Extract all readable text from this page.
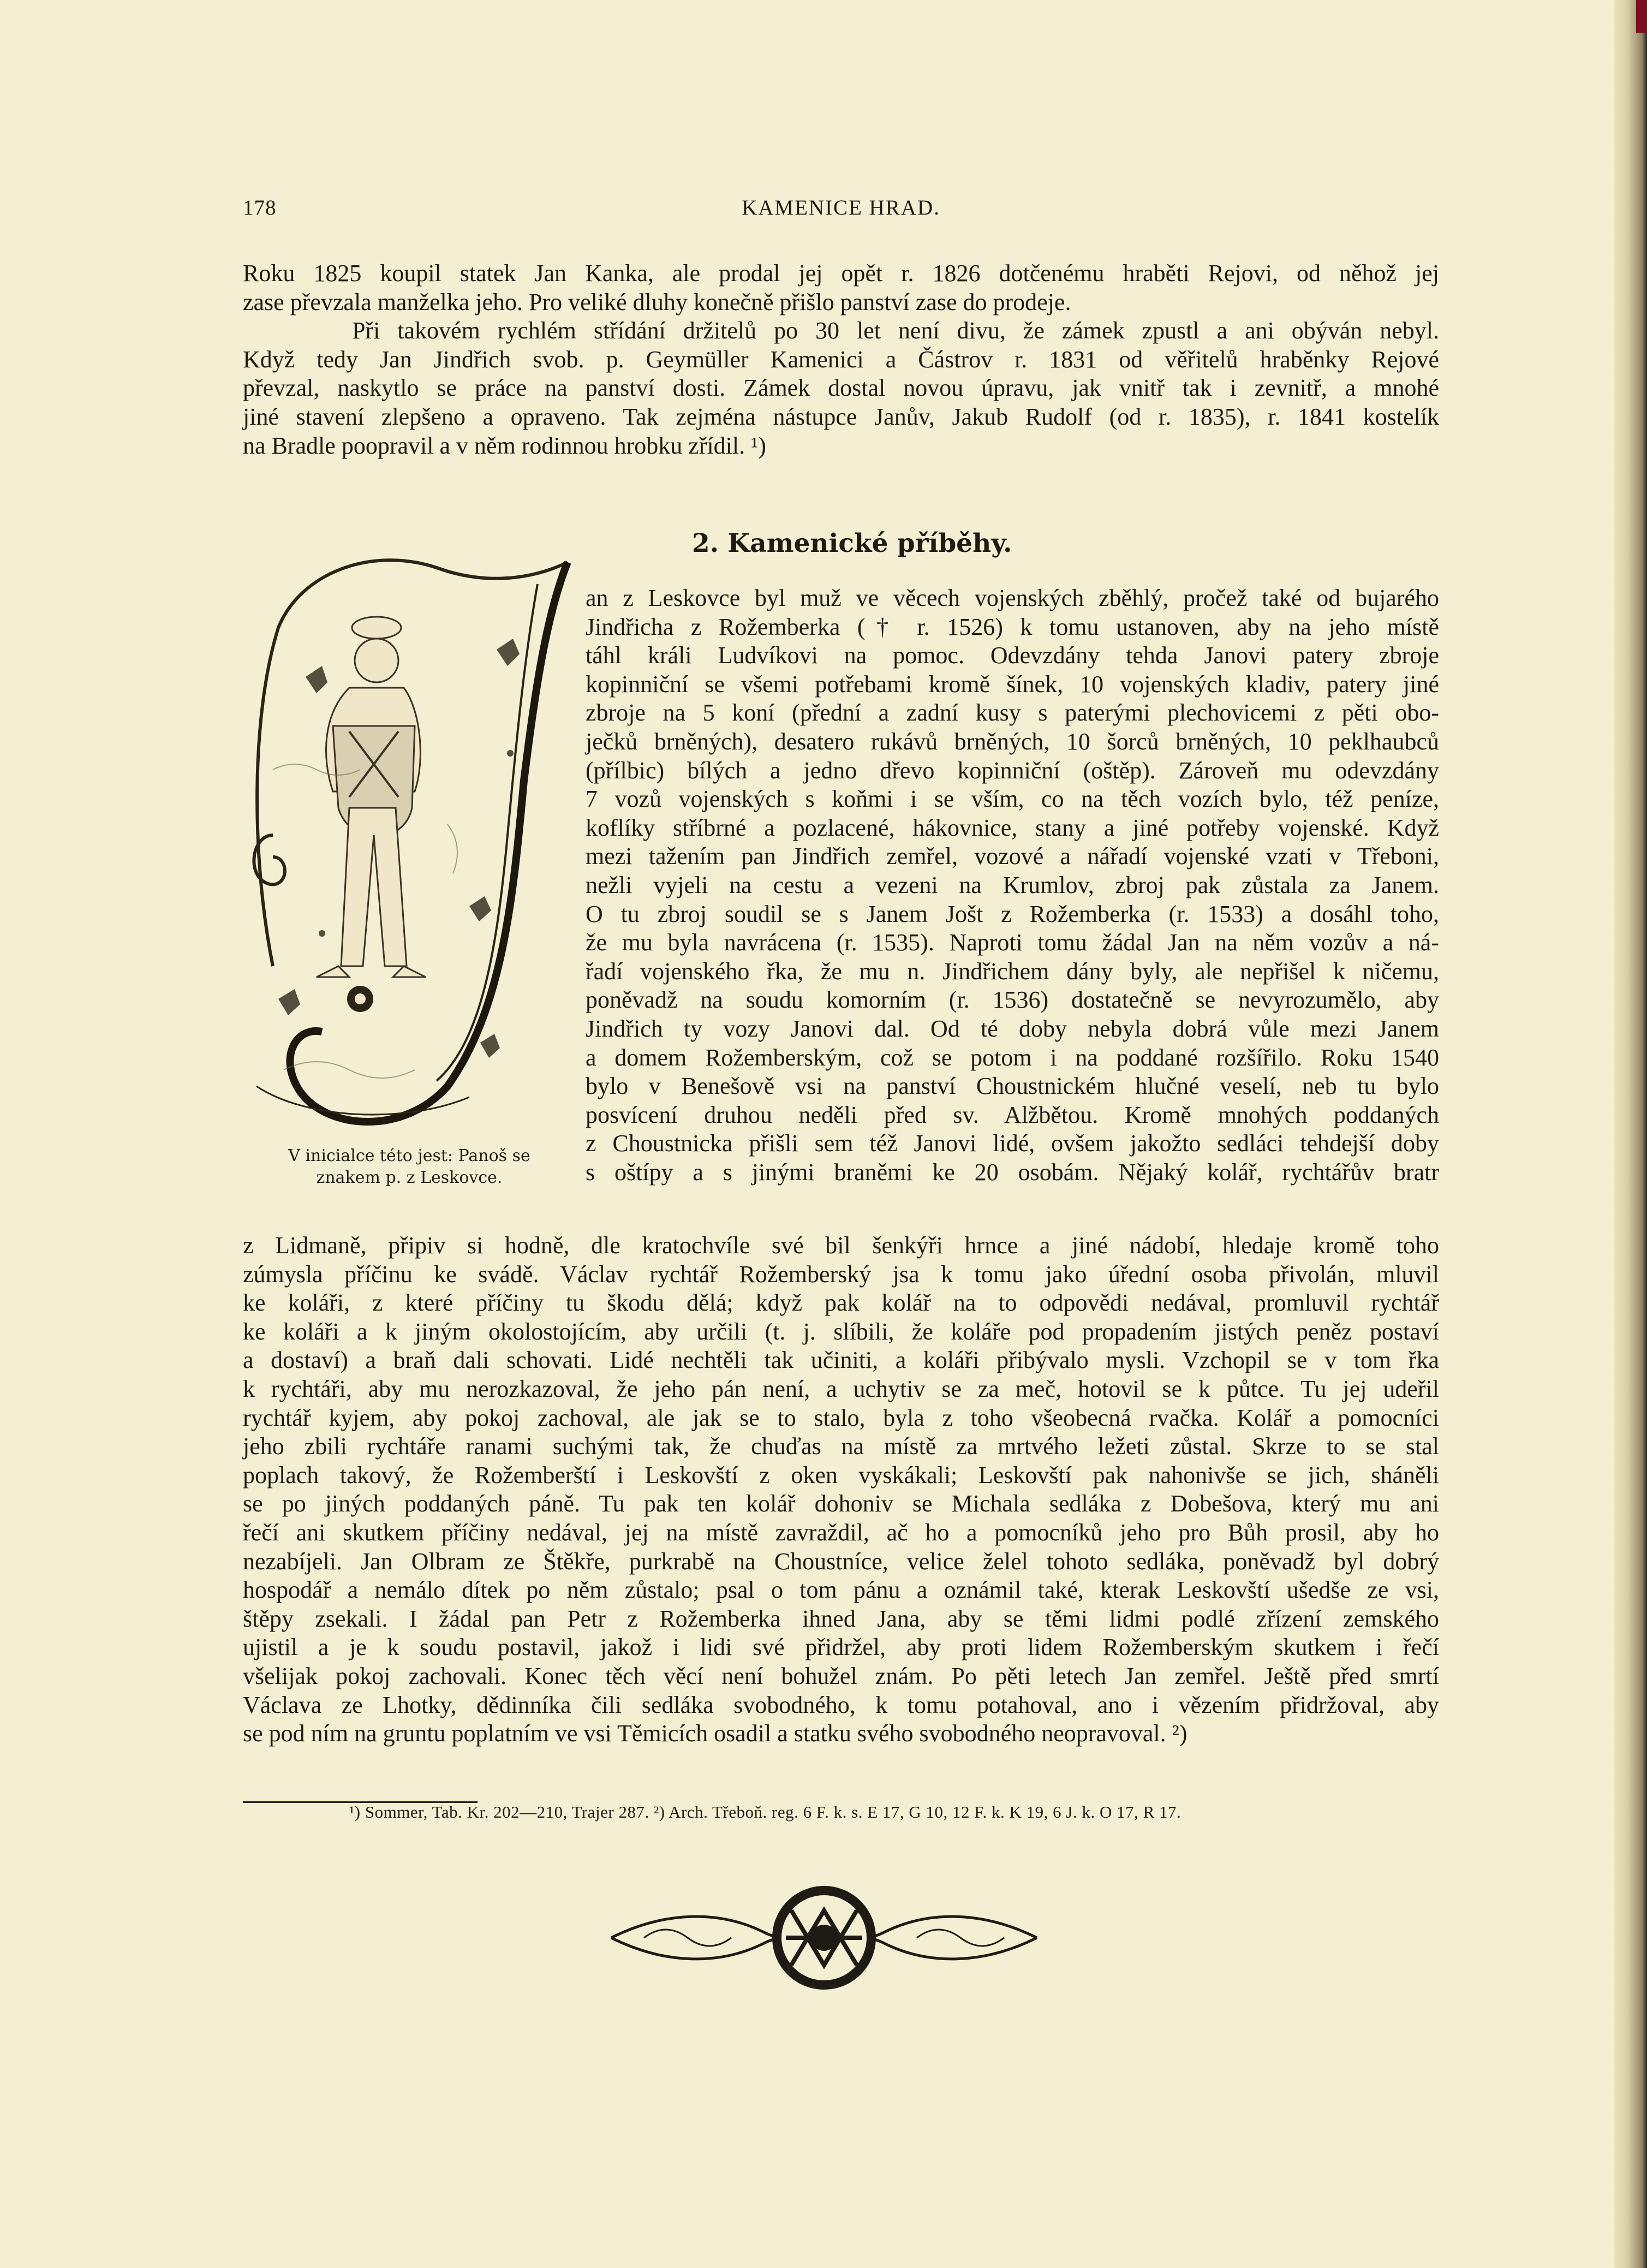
178	KAMENICE HRAD.

Roku 1825 koupil statek Jan Kanka, ale prodal jej opět r. 1826 dotčenému hraběti Rejovi, od něhož jej

zase převzala manželka jeho. Pro veliké dluhy konečně přišlo panství zase do prodeje.

Při takovém rychlém střídání držitelů po 30 let není divu, že zámek zpustl a ani obýván nebyl.

Když tedy Jan Jindřich svob. p. Geymüller Kamenici a Částrov r. 1831 od věřitelů hraběnky Rejové

převzal, naskytlo se práce na panství dosti. Zámek dostal novou úpravu, jak vnitř tak i zevnitř, a mnohé

jiné stavení zlepšeno a opraveno. Tak zejména nástupce Janův, Jakub Rudolf (od r. 1835), r. 1841 kostelík

na Bradle poopravil a v něm rodinnou hrobku zřídil. ¹)

2. Kamenické příběhy.
V inicialce této jest: Panoš se znakem p. z Leskovce.

an z Leskovce byl muž ve věcech vojenských zběhlý, pročež také od bujarého

Jindřicha z Rožemberka († r. 1526) k tomu ustanoven, aby na jeho místě

táhl králi Ludvíkovi na pomoc. Odevzdány tehda Janovi patery zbroje

kopinniční se všemi potřebami kromě šínek, 10 vojenských kladiv, patery jiné

zbroje na 5 koní (přední a zadní kusy s paterými plechovicemi z pěti obo-

ječků brněných), desatero rukávů brněných, 10 šorců brněných, 10 peklhaubců

(přílbic) bílých a jedno dřevo kopinniční (oštěp). Zároveň mu odevzdány

7 vozů vojenských s koňmi i se vším, co na těch vozích bylo, též peníze,

koflíky stříbrné a pozlacené, hákovnice, stany a jiné potřeby vojenské. Když

mezi tažením pan Jindřich zemřel, vozové a nářadí vojenské vzati v Třeboni,

nežli vyjeli na cestu a vezeni na Krumlov, zbroj pak zůstala za Janem.

O tu zbroj soudil se s Janem Jošt z Rožemberka (r. 1533) a dosáhl toho,

že mu byla navrácena (r. 1535). Naproti tomu žádal Jan na něm vozův a ná-

řadí vojenského řka, že mu n. Jindřichem dány byly, ale nepřišel k ničemu,

poněvadž na soudu komorním (r. 1536) dostatečně se nevyrozumělo, aby

Jindřich ty vozy Janovi dal. Od té doby nebyla dobrá vůle mezi Janem

a domem Rožemberským, což se potom i na poddané rozšířilo. Roku 1540

bylo v Benešově vsi na panství Choustnickém hlučné veselí, neb tu bylo

posvícení druhou neděli před sv. Alžbětou. Kromě mnohých poddaných

z Choustnicka přišli sem též Janovi lidé, ovšem jakožto sedláci tehdejší doby

s oštípy a s jinými braněmi ke 20 osobám. Nějaký kolář, rychtářův bratr

z Lidmaně, připiv si hodně, dle kratochvíle své bil šenkýři hrnce a jiné nádobí, hledaje kromě toho

zúmysla příčinu ke svádě. Václav rychtář Rožemberský jsa k tomu jako úřední osoba přivolán, mluvil

ke koláři, z které příčiny tu škodu dělá; když pak kolář na to odpovědi nedával, promluvil rychtář

ke koláři a k jiným okolostojícím, aby určili (t. j. slíbili, že koláře pod propadením jistých peněz postaví

a dostaví) a braň dali schovati. Lidé nechtěli tak učiniti, a koláři přibývalo mysli. Vzchopil se v tom řka

k rychtáři, aby mu nerozkazoval, že jeho pán není, a uchytiv se za meč, hotovil se k půtce. Tu jej udeřil

rychtář kyjem, aby pokoj zachoval, ale jak se to stalo, byla z toho všeobecná rvačka. Kolář a pomocníci

jeho zbili rychtáře ranami suchými tak, že chuďas na místě za mrtvého ležeti zůstal. Skrze to se stal

poplach takový, že Rožemberští i Leskovští z oken vyskákali; Leskovští pak nahonivše se jich, sháněli

se po jiných poddaných páně. Tu pak ten kolář dohoniv se Michala sedláka z Dobešova, který mu ani

řečí ani skutkem příčiny nedával, jej na místě zavraždil, ač ho a pomocníků jeho pro Bůh prosil, aby ho

nezabíjeli. Jan Olbram ze Štěkře, purkrabě na Choustníce, velice želel tohoto sedláka, poněvadž byl dobrý

hospodář a nemálo dítek po něm zůstalo; psal o tom pánu a oznámil také, kterak Leskovští ušedše ze vsi,

štěpy zsekali. I žádal pan Petr z Rožemberka ihned Jana, aby se těmi lidmi podlé zřízení zemského

ujistil a je k soudu postavil, jakož i lidi své přidržel, aby proti lidem Rožemberským skutkem i řečí

všelijak pokoj zachovali. Konec těch věcí není bohužel znám. Po pěti letech Jan zemřel. Ještě před smrtí

Václava ze Lhotky, dědinníka čili sedláka svobodného, k tomu potahoval, ano i vězením přidržoval, aby

se pod ním na gruntu poplatním ve vsi Těmicích osadil a statku svého svobodného neopravoval. ²)

¹) Sommer, Tab. Kr. 202—210, Trajer 287. ²) Arch. Třeboň. reg. 6 F. k. s. E 17, G 10, 12 F. k. K 19, 6 J. k. O 17, R 17.
